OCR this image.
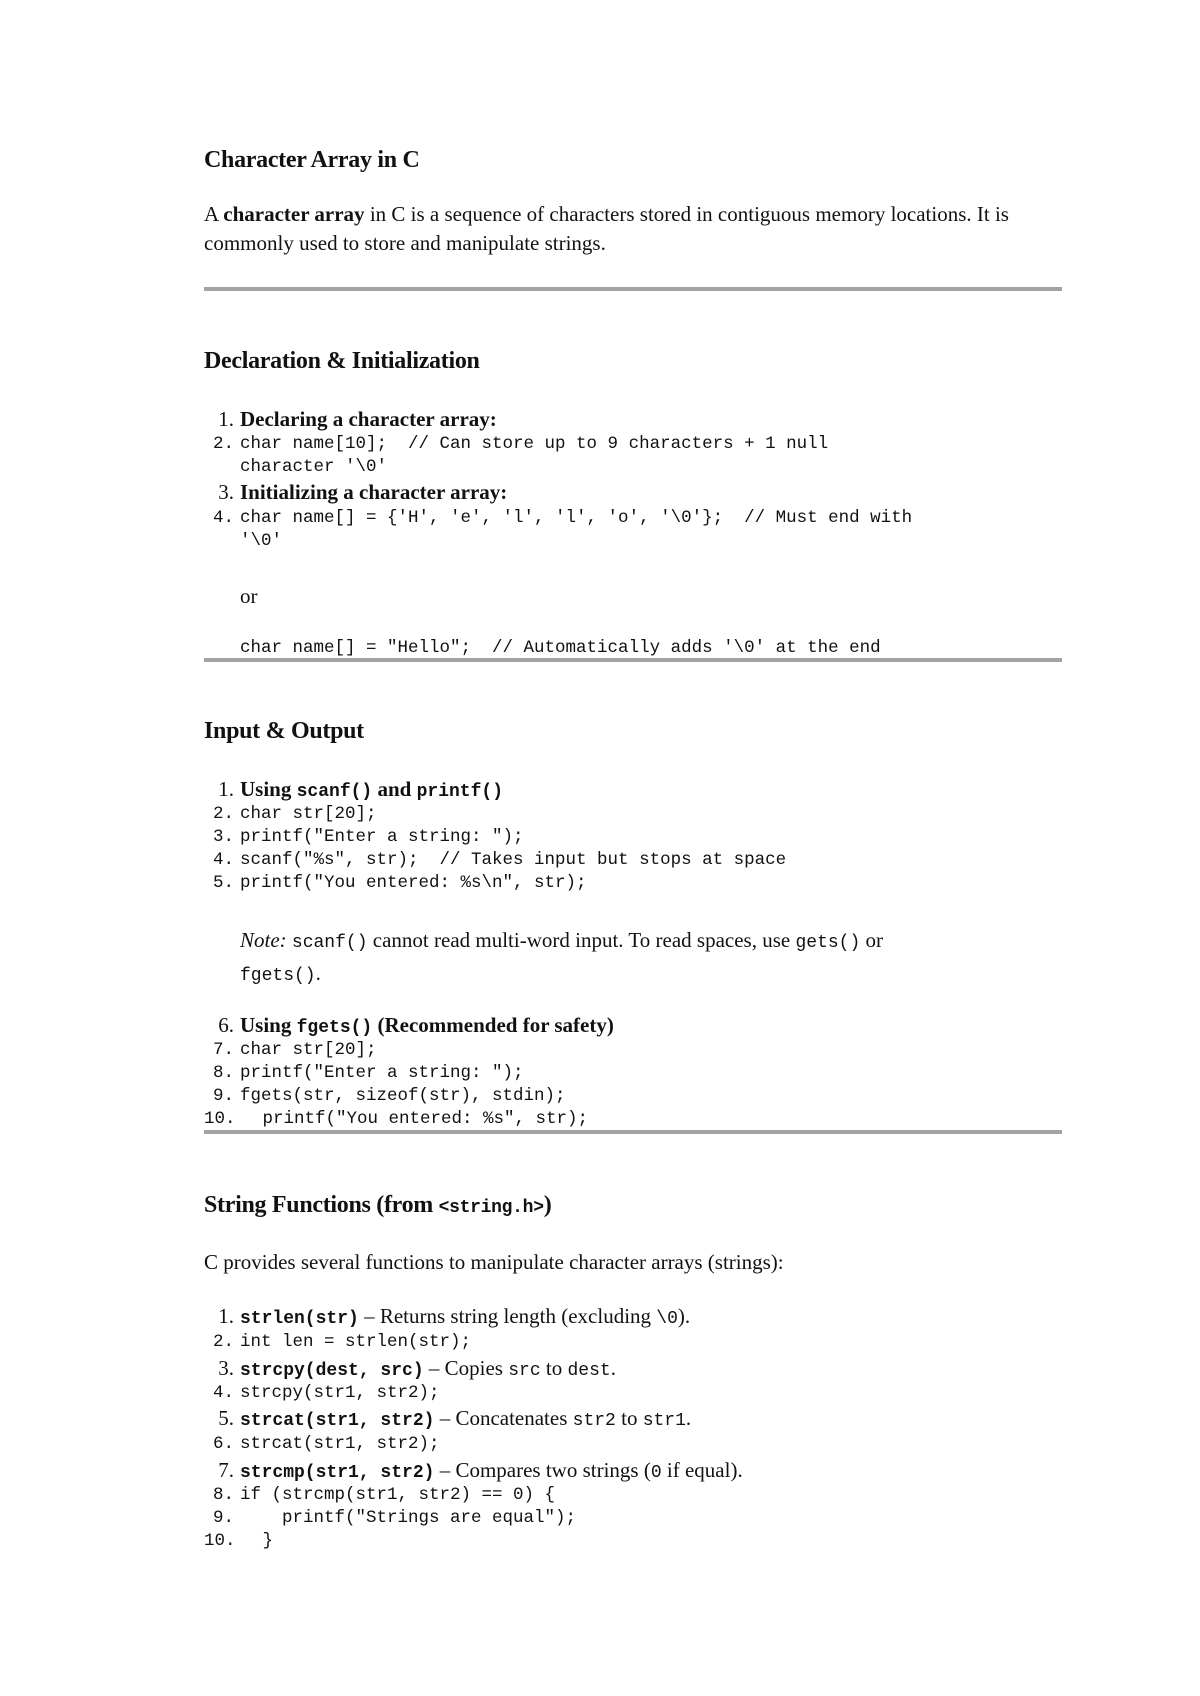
Character Array in C

A character array in C is a sequence of characters stored in contiguous memory locations. It is commonly used to store and manipulate strings.

Declaration & Initialization
1. Declaring a character array:
2. char name[10];  // Can store up to 9 characters + 1 null
character '\0'
3. Initializing a character array:
4. char name[] = {'H', 'e', 'l', 'l', 'o', '\0'};  // Must end with
'\0'
or
char name[] = "Hello";  // Automatically adds '\0' at the end
Input & Output
1. Using scanf() and printf()
2. char str[20];
3. printf("Enter a string: ");
4. scanf("%s", str);  // Takes input but stops at space
5. printf("You entered: %s\n", str);
Note: scanf() cannot read multi-word input. To read spaces, use gets() or
fgets().
6. Using fgets() (Recommended for safety)
7. char str[20];
8. printf("Enter a string: ");
9. fgets(str, sizeof(str), stdin);
10. printf("You entered: %s", str);
String Functions (from <string.h>)

C provides several functions to manipulate character arrays (strings):

1. strlen(str) – Returns string length (excluding \0).
2. int len = strlen(str);
3. strcpy(dest, src) – Copies src to dest.
4. strcpy(str1, str2);
5. strcat(str1, str2) – Concatenates str2 to str1.
6. strcat(str1, str2);
7. strcmp(str1, str2) – Compares two strings (0 if equal).
8. if (strcmp(str1, str2) == 0) {
9. printf("Strings are equal");
10. }
